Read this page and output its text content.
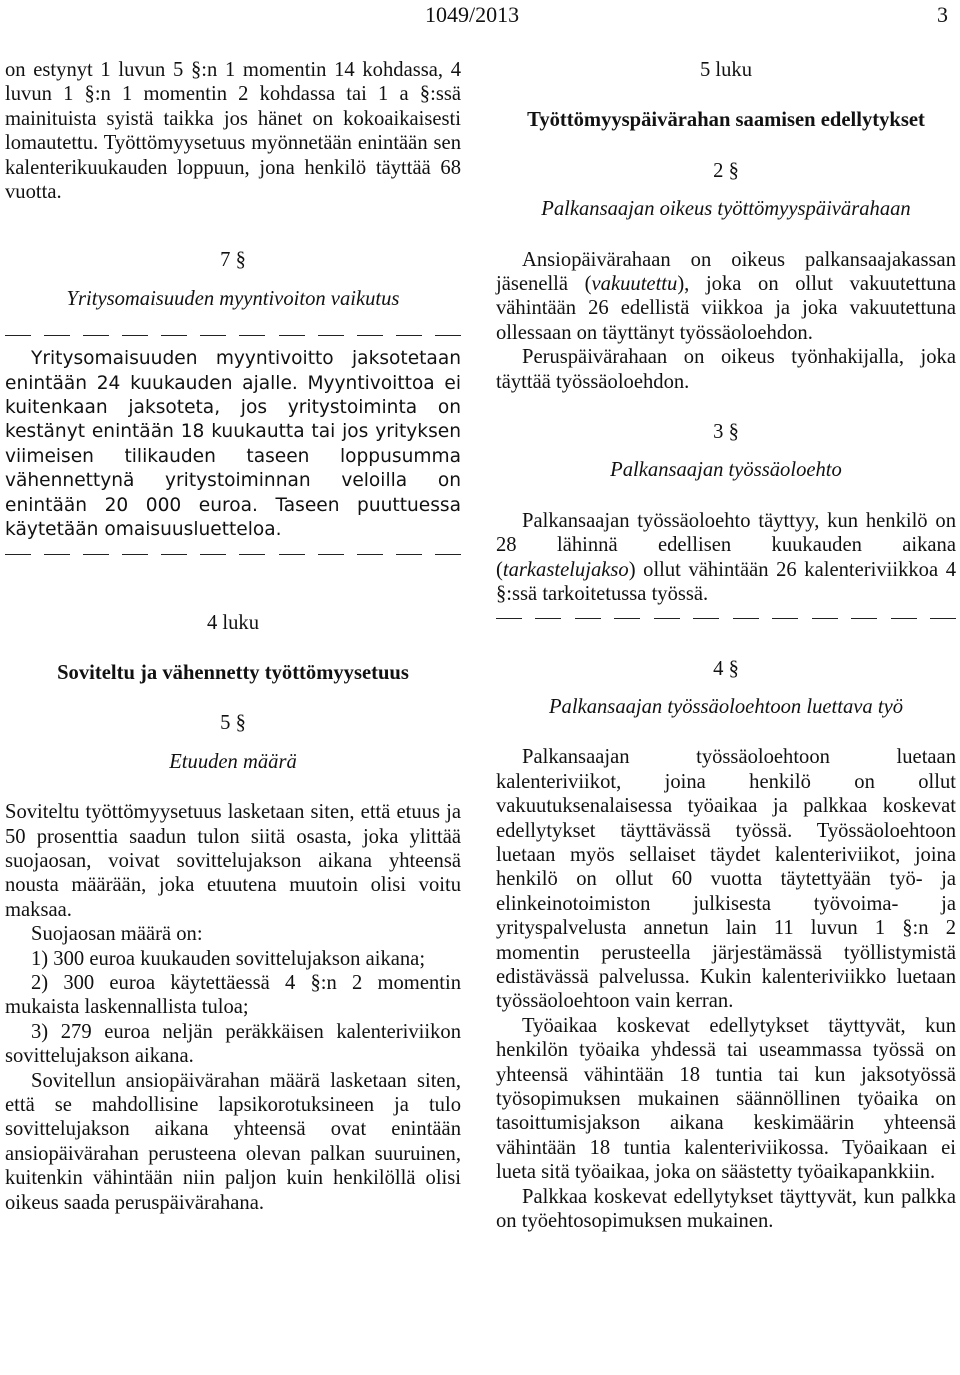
1049/2013	3

on estynyt 1 luvun 5 §:n 1 momentin 14 kohdassa, 4 luvun 1 §:n 1 momentin 2 kohdassa tai 1 a §:ssä mainituista syistä taikka jos hänet on kokoaikaisesti lomautettu. Työttömyysetuus myönnetään enintään sen kalenterikuukauden loppuun, jona henkilö täyttää 68 vuotta.

7 §
Yritysomaisuuden myyntivoiton vaikutus

Yritysomaisuuden myyntivoitto jaksotetaan enintään 24 kuukauden ajalle. Myyntivoittoa ei kuitenkaan jaksoteta, jos yritystoiminta on kestänyt enintään 18 kuukautta tai jos yrityksen viimeisen tilikauden taseen loppusumma vähennettynä yritystoiminnan veloilla on enintään 20 000 euroa. Taseen puuttuessa käytetään omaisuusluetteloa.

4 luku
Soviteltu ja vähennetty työttömyysetuus
5 §
Etuuden määrä

Soviteltu työttömyysetuus lasketaan siten, että etuus ja 50 prosenttia saadun tulon siitä osasta, joka ylittää suojaosan, voivat sovittelujakson aikana yhteensä nousta määrään, joka etuutena muutoin olisi voitu maksaa.

Suojaosan määrä on:

1) 300 euroa kuukauden sovittelujakson aikana;

2) 300 euroa käytettäessä 4 §:n 2 momentin mukaista laskennallista tuloa;

3) 279 euroa neljän peräkkäisen kalenteriviikon sovittelujakson aikana.

Sovitellun ansiopäivärahan määrä lasketaan siten, että se mahdollisine lapsikorotuksineen ja tulo sovittelujakson aikana yhteensä ovat enintään ansiopäivärahan perusteena olevan palkan suuruinen, kuitenkin vähintään niin paljon kuin henkilöllä olisi oikeus saada peruspäivärahana.

5 luku
Työttömyyspäivärahan saamisen edellytykset
2 §
Palkansaajan oikeus työttömyyspäivärahaan

Ansiopäivärahaan on oikeus palkansaajakassan jäsenellä (vakuutettu), joka on ollut vakuutettuna vähintään 26 edellistä viikkoa ja joka vakuutettuna ollessaan on täyttänyt työssäoloehdon.

Peruspäivärahaan on oikeus työnhakijalla, joka täyttää työssäoloehdon.

3 §
Palkansaajan työssäoloehto

Palkansaajan työssäoloehto täyttyy, kun henkilö on 28 lähinnä edellisen kuukauden aikana (tarkastelujakso) ollut vähintään 26 kalenteriviikkoa 4 §:ssä tarkoitetussa työssä.

4 §
Palkansaajan työssäoloehtoon luettava työ

Palkansaajan työssäoloehtoon luetaan kalenteriviikot, joina henkilö on ollut vakuutuksenalaisessa työaikaa ja palkkaa koskevat edellytykset täyttävässä työssä. Työssäoloehtoon luetaan myös sellaiset täydet kalenteriviikot, joina henkilö on ollut 60 vuotta täytettyään työ- ja elinkeinotoimiston julkisesta työvoima- ja yrityspalvelusta annetun lain 11 luvun 1 §:n 2 momentin perusteella järjestämässä työllistymistä edistävässä palvelussa. Kukin kalenteriviikko luetaan työssäoloehtoon vain kerran.

Työaikaa koskevat edellytykset täyttyvät, kun henkilön työaika yhdessä tai useammassa työssä on yhteensä vähintään 18 tuntia tai kun jaksotyössä työsopimuksen mukainen säännöllinen työaika on tasoittumisjakson aikana keskimäärin yhteensä vähintään 18 tuntia kalenteriviikossa. Työaikaan ei lueta sitä työaikaa, joka on säästetty työaikapankkiin.

Palkkaa koskevat edellytykset täyttyvät, kun palkka on työehtosopimuksen mukainen.
